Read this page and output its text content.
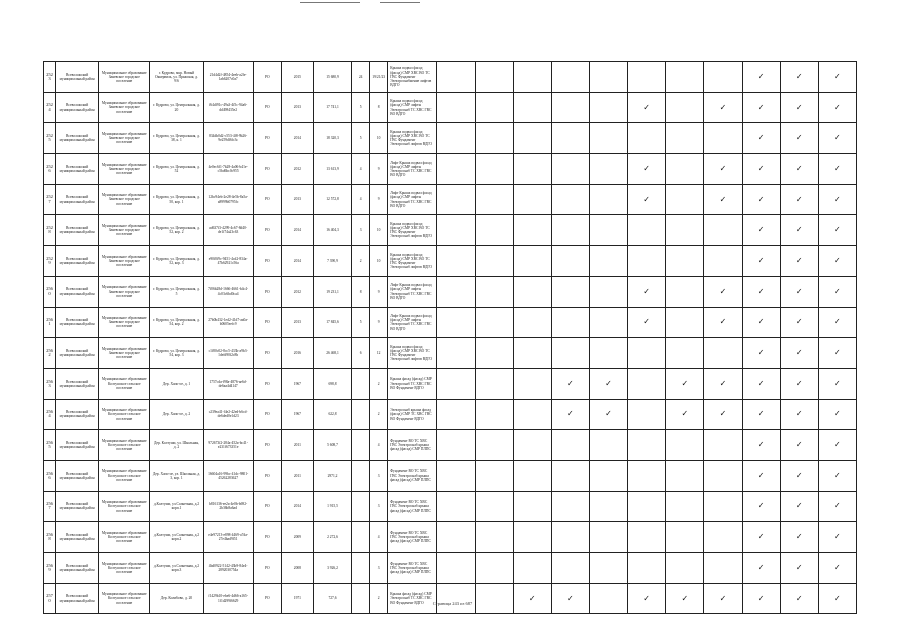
2523	Всеволожский муниципальный район	Муниципальное образование Заневское городское поселение	г. Кудрово, мкр. Новый Оккервиль, ул. Пражская, д. 9/6	21d4d2f-4854-4eeb-a2fe-1ab6207c0a7	РО	2015	15 680,9	24	19/21/23	Крыша подвал фасад (фасад) СМР ХВС ВО ТС ГВС Фундамент Электроснабжение лифтов ВДГО									✓	✓	✓
2524	Всеволожский муниципальный район	Муниципальное образование Заневское городское поселение	г. Кудрово, ул. Центральная, д. 20	f64df91c-49a3-4f5c-94a6-dd498435e2	РО	2013	17 741,1	5	8	Крыша подвал фасад (фасад) СМР лифты Электроснаб ТС ХВС ГВС ВО ВДГО						✓		✓	✓	✓	✓
2525	Всеволожский муниципальный район	Муниципальное образование Заневское городское поселение	г. Кудрово, ул. Центральная, д. 38, к. 1	834db0d2-c553-4f8-9b26-9e259df6fc3c	РО	2014	18 320,3	5	10	Крыша подвал фасад (фасад) СМР ХВС ВО ТС ГВС Фундамент Электроснаб лифтов ВДГО									✓	✓	✓
2526	Всеволожский муниципальный район	Муниципальное образование Заневское городское поселение	г. Кудрово, ул. Центральная, д. 52	4e0ec6f1-7b28-4a06-b41e-c5bd6bc0c955	РО	2012	13 613,9	4	9	Лифт Крыша подвал фасад (фасад) СМР лифты Электроснаб ТС ХВС ГВС ВО ВДГО						✓		✓	✓	✓	✓
2527	Всеволожский муниципальный район	Муниципальное образование Заневское городское поселение	г. Кудрово, ул. Центральная, д. 50, кор. 1	12bc94eb-2e28-4e5b-8a5a-a8999b0795fc	РО	2013	12 572,8	4	9	Лифт Крыша подвал фасад (фасад) СМР лифты Электроснаб ТС ХВС ГВС ВО ВДГО						✓		✓	✓	✓	✓
2528	Всеволожский муниципальный район	Муниципальное образование Заневское городское поселение	г. Кудрово, ул. Центральная, д. 52, кор. 2	ad637f3-4299-4c67-8d40-de1f74a23c63	РО	2014	16 404,3	3	10	Крыша подвал фасад (фасад) СМР ХВС ВО ТС ГВС Фундамент Электроснаб лифтов ВДГО									✓	✓	✓
2529	Всеволожский муниципальный район	Муниципальное образование Заневское городское поселение	г. Кудрово, ул. Центральная, д. 52, кор. 3	e90f0f9c-9451-4cd2-834a-47b62921c56a	РО	2014	7 390,9	2	10	Крыша подвал фасад (фасад) СМР ХВС ВО ТС ГВС Фундамент Электроснаб лифтов ВДГО									✓	✓	✓
2560	Всеволожский муниципальный район	Муниципальное образование Заневское городское поселение	г. Кудрово, ул. Центральная, д. 5	7f06b28d-1666-4661-b4c4-4c03c6bd0ca4	РО	2012	19 231,1	8	9	Лифт Крыша подвал фасад (фасад) СМР лифты Электроснаб ТС ХВС ГВС ВО ВДГО						✓		✓	✓	✓	✓
2561	Всеволожский муниципальный район	Муниципальное образование Заневское городское поселение	г. Кудрово, ул. Центральная, д. 54, кор. 2	27b0b432-1ed2-41d7-aa0a-b0605eefc9	РО	2013	17 845,6	5	9	Лифт Крыша подвал фасад (фасад) СМР лифты Электроснаб ТС ХВС ГВС ВО ВДГО						✓		✓	✓	✓	✓
2562	Всеволожский муниципальный район	Муниципальное образование Заневское городское поселение	г. Кудрово, ул. Центральная, д. 54, кор. 3	c1f80c02-8cc5-433b-a9b3-1defd90f2c8b	РО	2016	26 468,1	6	12	Крыша подвал фасад (фасад) СМР ХВС ВО ТС ГВС Фундамент Электроснаб лифтов ВДГО									✓	✓	✓
2563	Всеволожский муниципальный район	Муниципальное образование Колтушское сельское поселение	Дер. Хапо-ое, д. 1	1757cda-f98a-4876-ae6d-de6aa4d4147	РО	1967	698,8		2	Крыша фасад (фасад) СМР Электроснаб ТС ХВС ГВС ВО Фундамент ВДГО				✓	✓		✓	✓	✓	✓	✓
2564	Всеволожский муниципальный район	Муниципальное образование Колтушское сельское поселение	Дер. Хапо-ое, д. 2	c239ea41-f4e2-42ed-b6cd-de6ded0e1d23	РО	1967	622,8		2	Электроснаб крыша фасад (фасад) СМР ТС ХВС ГВС ВО Фундамент ВДГО				✓	✓		✓	✓	✓	✓	✓
2565	Всеволожский муниципальный район	Муниципальное образование Колтушское сельское поселение	Дер. Колтуши, ул. Школьная, д. 2	972673f2-284a-452a-bc41-e231f673351e	РО	2011	5 608,7		4	Фундамент ВО ТС ХВС ГВС Электроснаб крыша фасад (фасад) СМР ПЛПС									✓	✓	✓
2566	Всеволожский муниципальный район	Муниципальное образование Колтушское сельское поселение	Дер. Хапо-ое, ул. Школьная, д. 3, кор. 1	16604a16-99bc-41dc-9801-45262283627	РО	2011	2971,2		3	Фундамент ВО ТС ХВС ГВС Электроснаб крыша фасад (фасад) СМР ПЛПС									✓	✓	✓
2567	Всеволожский муниципальный район	Муниципальное образование Колтушское сельское поселение	д.Колтуши, ул.Солнечная, д.2 корп.1	b816136-ee2a-4e0b-b692-2b36b8a6ad	РО	2014	1 915,5		3	Фундамент ВО ТС ХВС ГВС Электроснаб крыша фасад (фасад) СМР ПЛПС									✓	✓	✓
2568	Всеволожский муниципальный район	Муниципальное образование Колтушское сельское поселение	д.Колтуши, ул.Солнечная, д.2 корп.2	e4e97213-e898-4469-a7da-27e4bad9f51	РО	2009	2 272,6		4	Фундамент ВО ТС ХВС ГВС Электроснаб крыша фасад (фасад) СМР ПЛПС									✓	✓	✓
2569	Всеволожский муниципальный район	Муниципальное образование Колтушское сельское поселение	д.Колтуши, ул.Солнечная, д.2 корп.3	4bd0922-5142-43b9-84e4-2892030754a	РО	2008	3 926,2		3	Фундамент ВО ТС ХВС ГВС Электроснаб крыша фасад (фасад) СМР ПЛПС									✓	✓	✓
2570	Всеволожский муниципальный район	Муниципальное образование Колтушское сельское поселение	Дер. Коли6ово, д. 20	f1429b10-ebe6-4d66-a165-1f1d299f6629	РО	1971	727,6		2	Крыша фасад (фасад) СМР Электроснаб ТС ХВС ГВС ВО Фундамент ВДГО			✓	✓		✓	✓	✓	✓	✓	✓
Страница 243 из 687
